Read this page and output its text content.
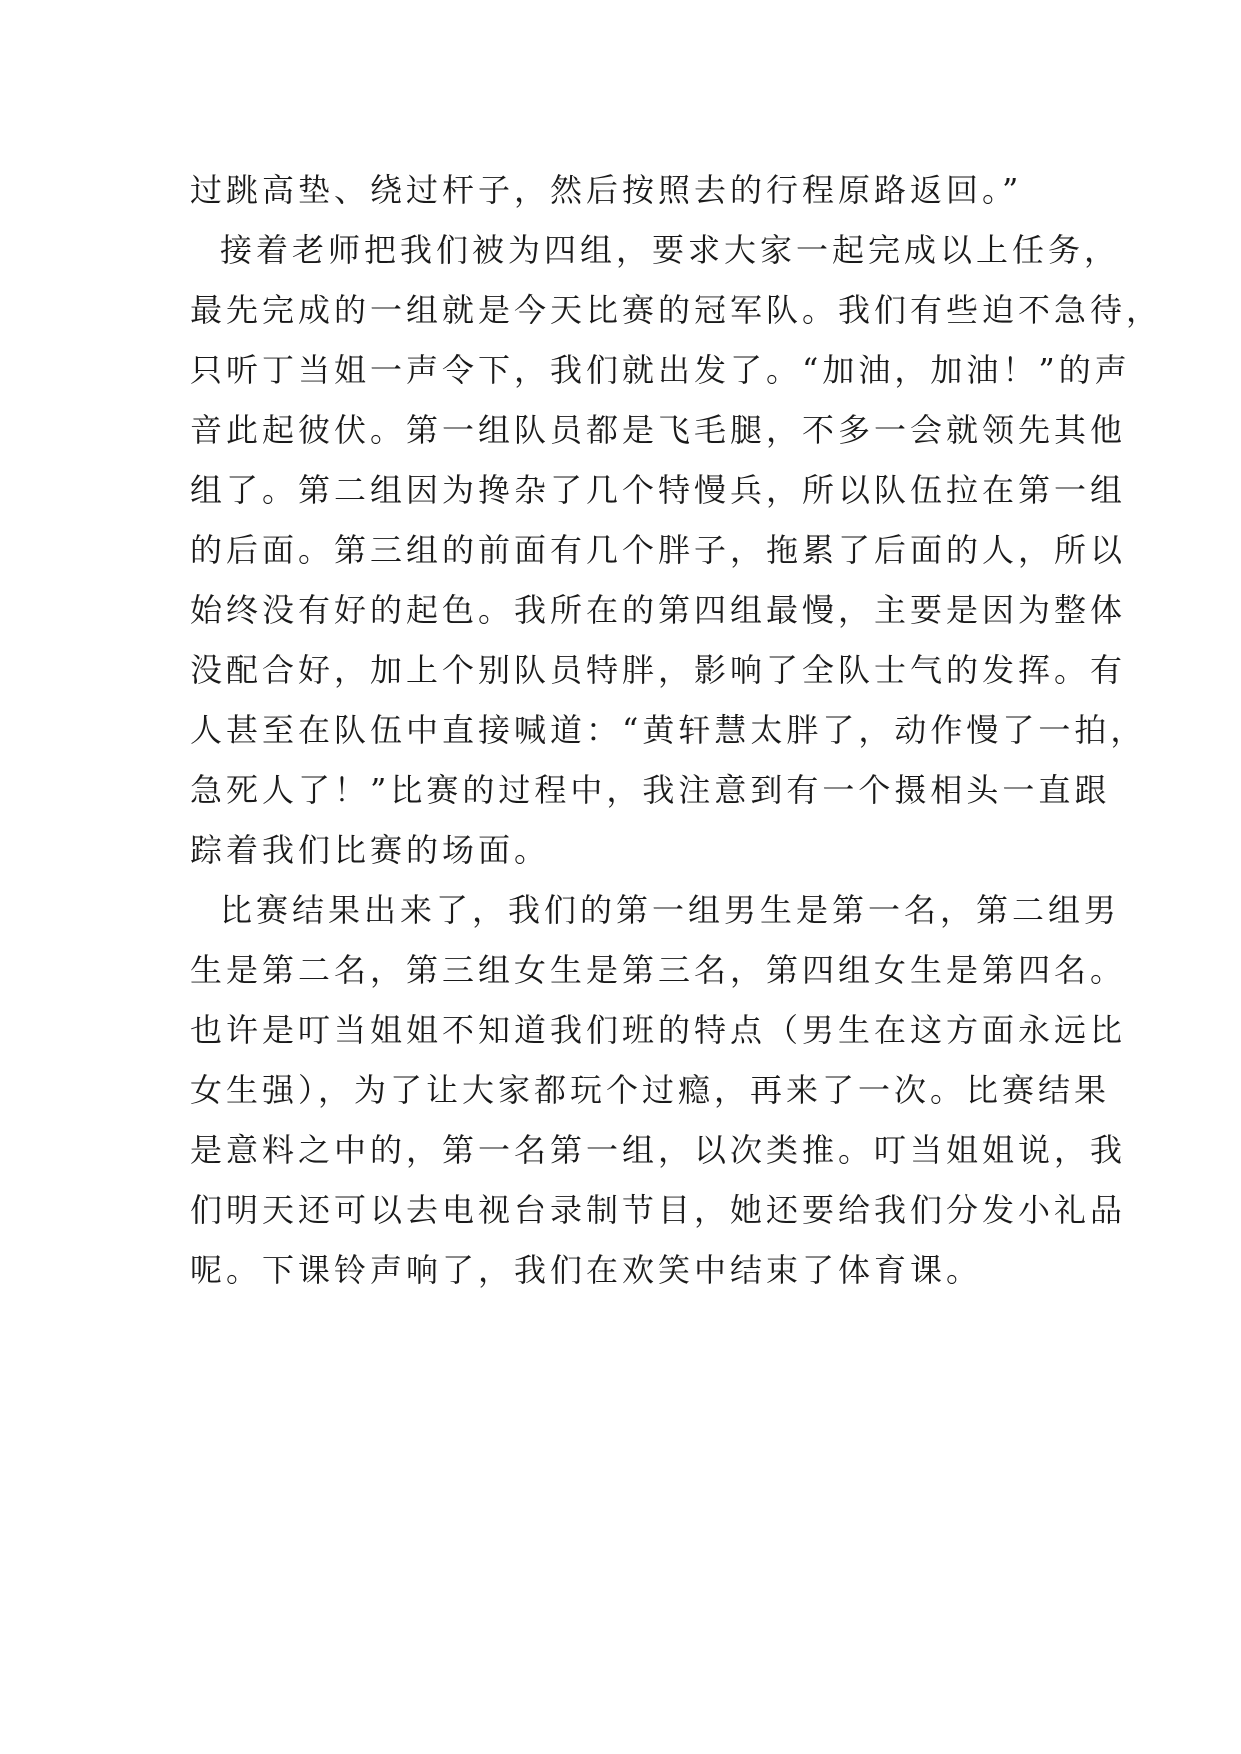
过跳高垫、绕过杆子，然后按照去的行程原路返回。”
接着老师把我们被为四组，要求大家一起完成以上任务，
最先完成的一组就是今天比赛的冠军队。我们有些迫不急待，
只听丁当姐一声令下，我们就出发了。“加油，加油！”的声
音此起彼伏。第一组队员都是飞毛腿，不多一会就领先其他
组了。第二组因为搀杂了几个特慢兵，所以队伍拉在第一组
的后面。第三组的前面有几个胖子，拖累了后面的人，所以
始终没有好的起色。我所在的第四组最慢，主要是因为整体
没配合好，加上个别队员特胖，影响了全队士气的发挥。有
人甚至在队伍中直接喊道：“黄轩慧太胖了，动作慢了一拍，
急死人了！”比赛的过程中，我注意到有一个摄相头一直跟
踪着我们比赛的场面。
比赛结果出来了，我们的第一组男生是第一名，第二组男
生是第二名，第三组女生是第三名，第四组女生是第四名。
也许是叮当姐姐不知道我们班的特点（男生在这方面永远比
女生强），为了让大家都玩个过瘾，再来了一次。比赛结果
是意料之中的，第一名第一组，以次类推。叮当姐姐说，我
们明天还可以去电视台录制节目，她还要给我们分发小礼品
呢。下课铃声响了，我们在欢笑中结束了体育课。
